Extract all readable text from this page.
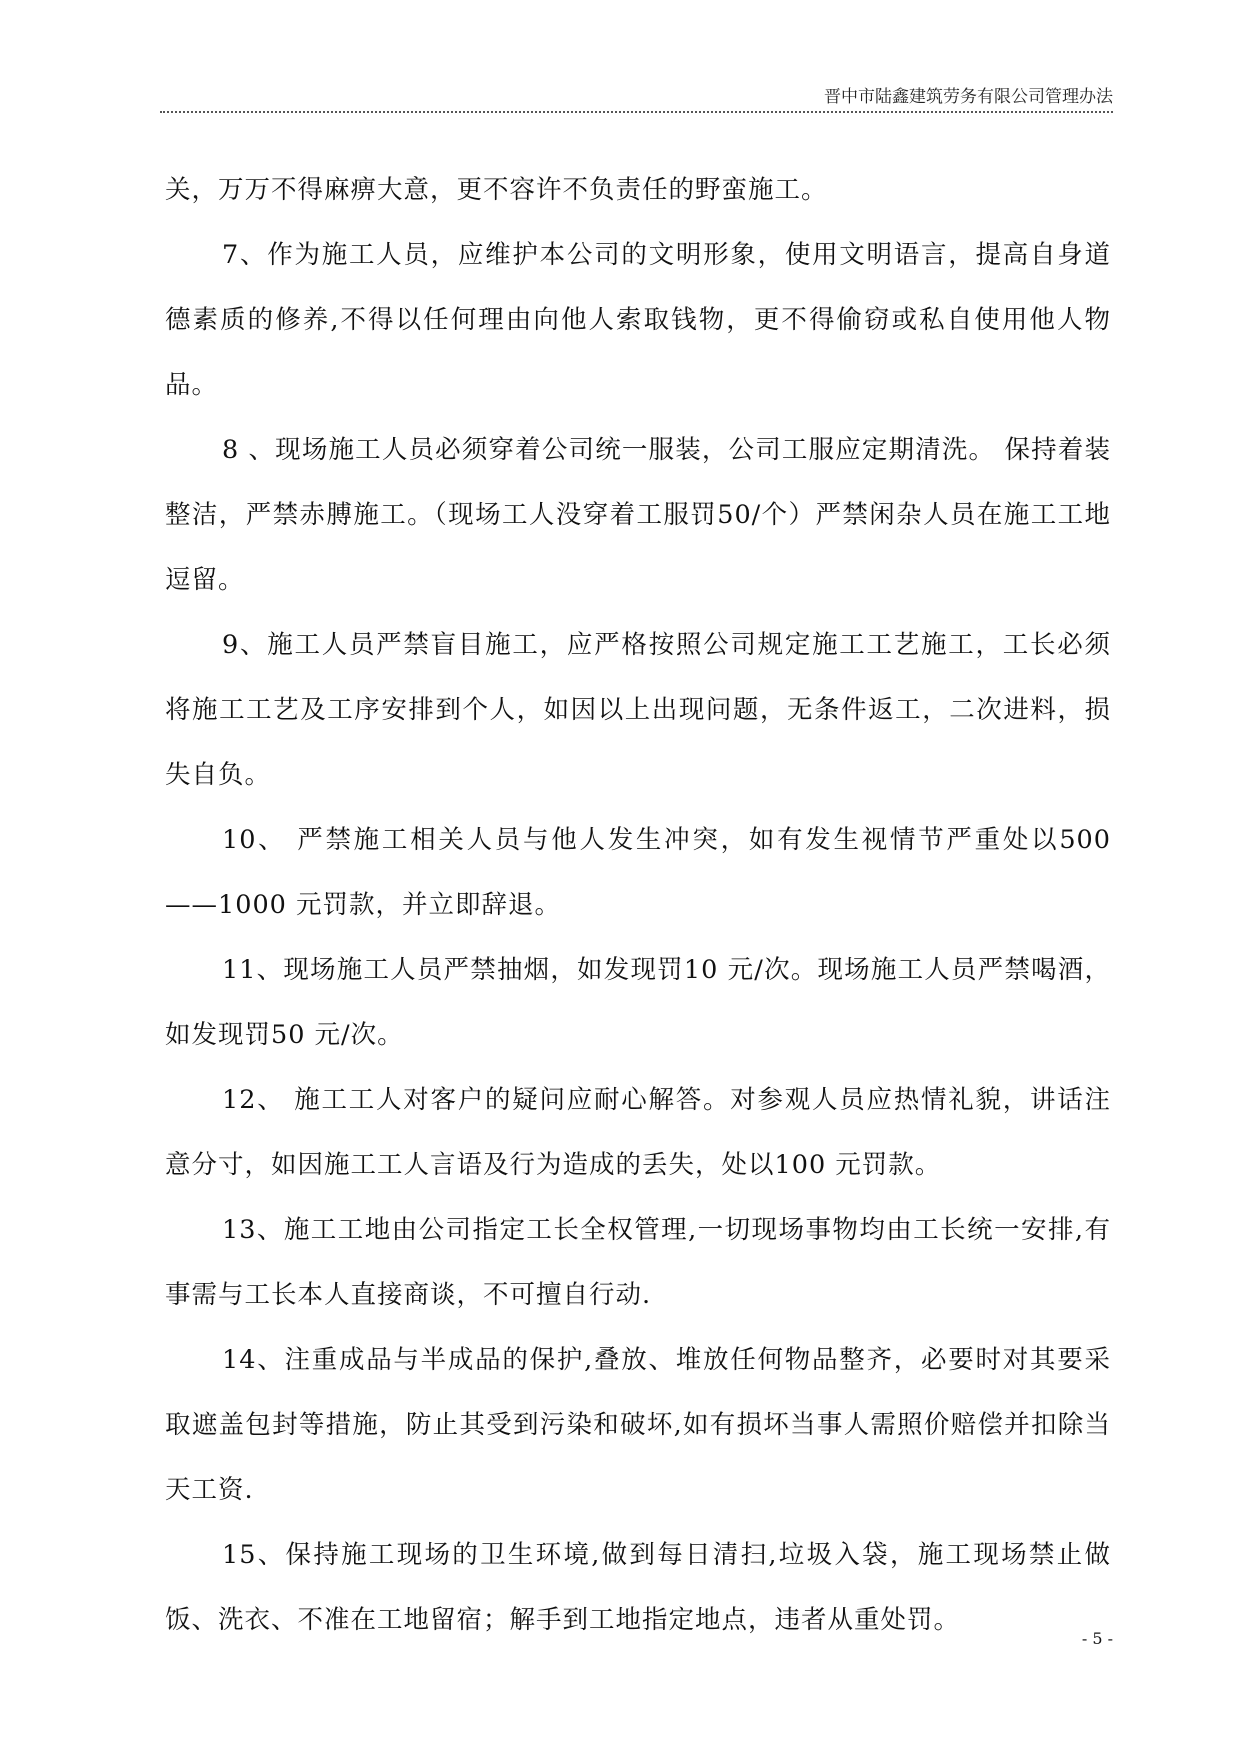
晋中市陆鑫建筑劳务有限公司管理办法

关，万万不得麻痹大意，更不容许不负责任的野蛮施工。

7、作为施工人员，应维护本公司的文明形象，使用文明语言，提高自身道德素质的修养,不得以任何理由向他人索取钱物，更不得偷窃或私自使用他人物品。

8 、现场施工人员必须穿着公司统一服装，公司工服应定期清洗。 保持着装整洁，严禁赤膊施工。（现场工人没穿着工服罚50/个）严禁闲杂人员在施工工地逗留。

9、施工人员严禁盲目施工，应严格按照公司规定施工工艺施工，工长必须将施工工艺及工序安排到个人，如因以上出现问题，无条件返工，二次进料，损失自负。

10、 严禁施工相关人员与他人发生冲突，如有发生视情节严重处以500——1000 元罚款，并立即辞退。

11、现场施工人员严禁抽烟，如发现罚10 元/次。现场施工人员严禁喝酒，如发现罚50 元/次。

12、 施工工人对客户的疑问应耐心解答。对参观人员应热情礼貌，讲话注意分寸，如因施工工人言语及行为造成的丢失，处以100 元罚款。

13、施工工地由公司指定工长全权管理,一切现场事物均由工长统一安排,有事需与工长本人直接商谈，不可擅自行动.

14、注重成品与半成品的保护,叠放、堆放任何物品整齐，必要时对其要采取遮盖包封等措施，防止其受到污染和破坏,如有损坏当事人需照价赔偿并扣除当天工资.

15、保持施工现场的卫生环境,做到每日清扫,垃圾入袋，施工现场禁止做饭、洗衣、不准在工地留宿；解手到工地指定地点，违者从重处罚。

- 5 -
